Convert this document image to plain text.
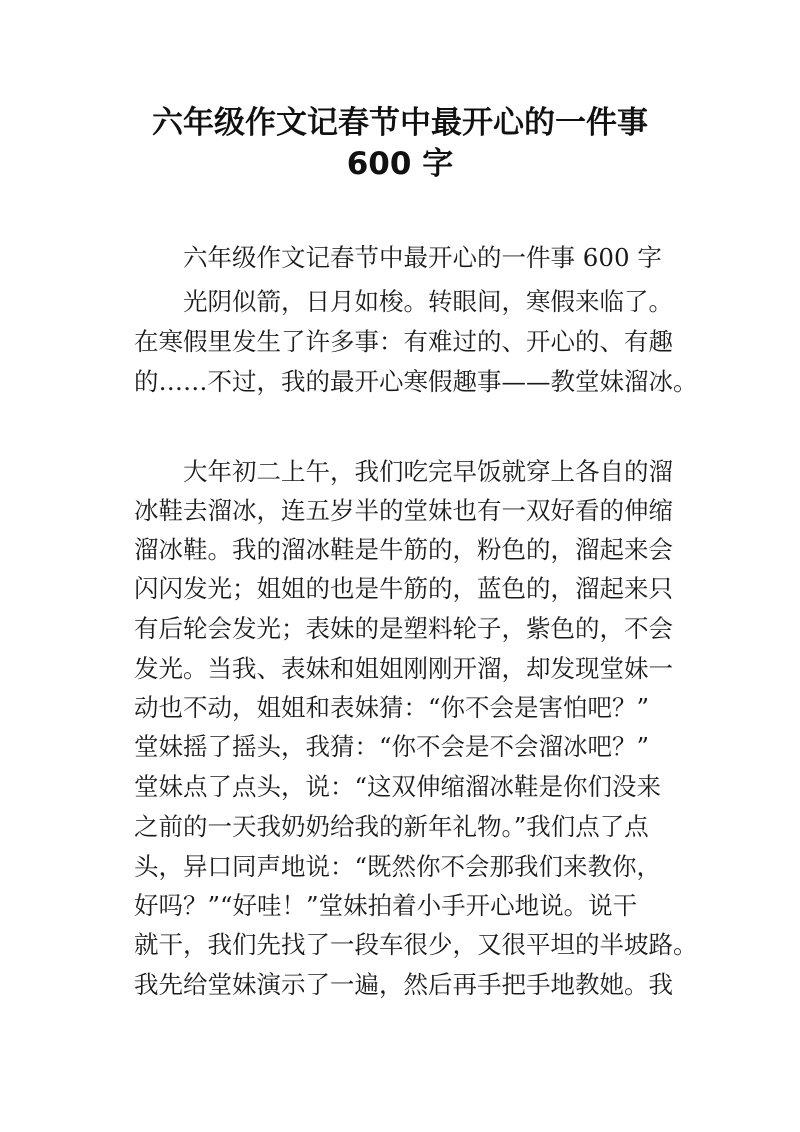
六年级作文记春节中最开心的一件事
600 字
六年级作文记春节中最开心的一件事 600 字
光阴似箭，日月如梭。转眼间，寒假来临了。
在寒假里发生了许多事：有难过的、开心的、有趣
的……不过，我的最开心寒假趣事——教堂妹溜冰。
大年初二上午，我们吃完早饭就穿上各自的溜
冰鞋去溜冰，连五岁半的堂妹也有一双好看的伸缩
溜冰鞋。我的溜冰鞋是牛筋的，粉色的，溜起来会
闪闪发光；姐姐的也是牛筋的，蓝色的，溜起来只
有后轮会发光；表妹的是塑料轮子，紫色的，不会
发光。当我、表妹和姐姐刚刚开溜，却发现堂妹一
动也不动，姐姐和表妹猜：“你不会是害怕吧？”
堂妹摇了摇头，我猜：“你不会是不会溜冰吧？”
堂妹点了点头，说：“这双伸缩溜冰鞋是你们没来
之前的一天我奶奶给我的新年礼物。”我们点了点
头，异口同声地说：“既然你不会那我们来教你，
好吗？”“好哇！”堂妹拍着小手开心地说。说干
就干，我们先找了一段车很少，又很平坦的半坡路。
我先给堂妹演示了一遍，然后再手把手地教她。我
